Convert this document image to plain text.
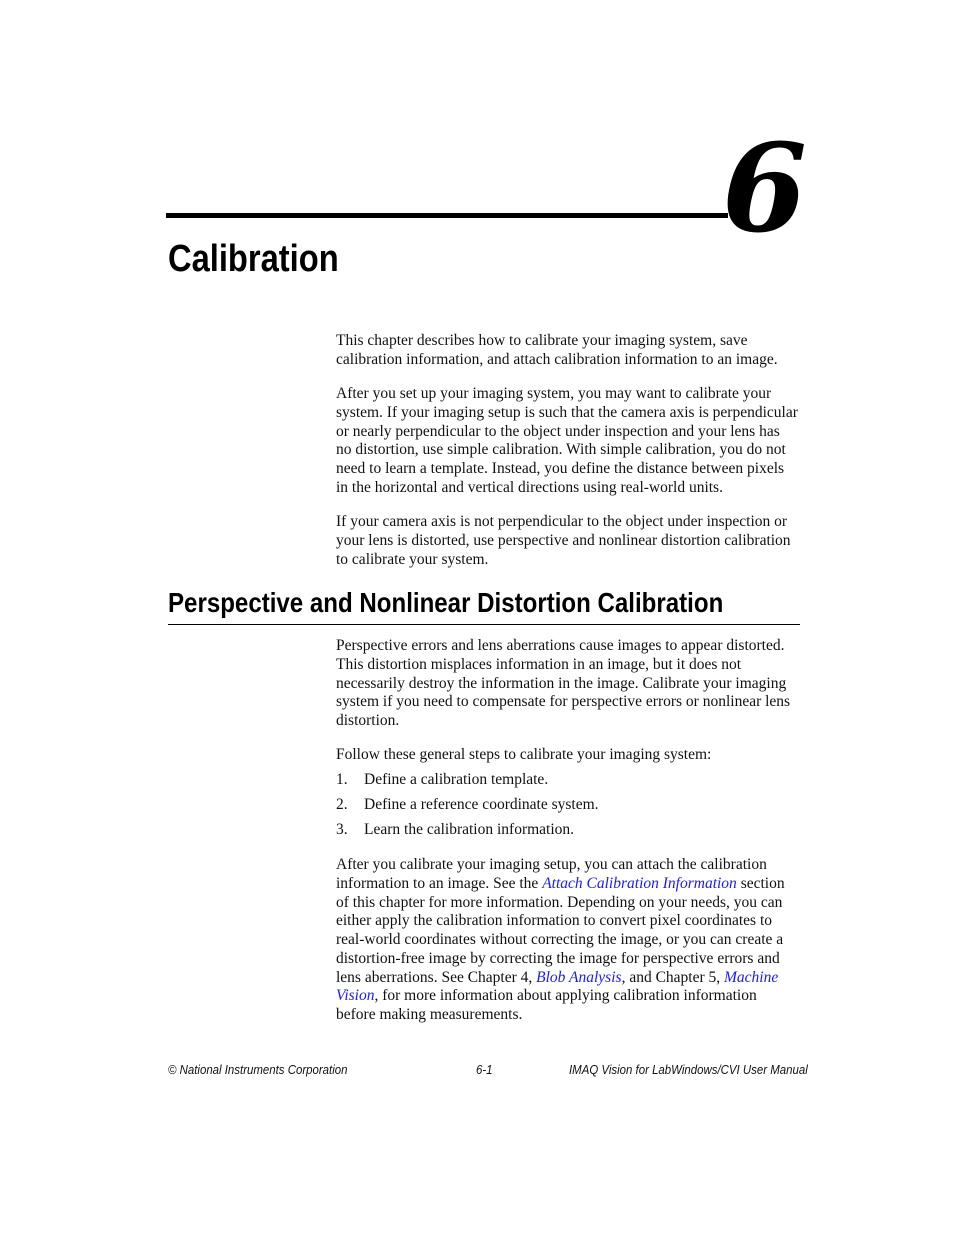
6
Calibration

This chapter describes how to calibrate your imaging system, save calibration information, and attach calibration information to an image.

After you set up your imaging system, you may want to calibrate your system. If your imaging setup is such that the camera axis is perpendicular or nearly perpendicular to the object under inspection and your lens has no distortion, use simple calibration. With simple calibration, you do not need to learn a template. Instead, you define the distance between pixels in the horizontal and vertical directions using real-world units.

If your camera axis is not perpendicular to the object under inspection or your lens is distorted, use perspective and nonlinear distortion calibration to calibrate your system.

Perspective and Nonlinear Distortion Calibration

Perspective errors and lens aberrations cause images to appear distorted. This distortion misplaces information in an image, but it does not necessarily destroy the information in the image. Calibrate your imaging system if you need to compensate for perspective errors or nonlinear lens distortion.

Follow these general steps to calibrate your imaging system:

1. Define a calibration template.
2. Define a reference coordinate system.
3. Learn the calibration information.

After you calibrate your imaging setup, you can attach the calibration information to an image. See the Attach Calibration Information section of this chapter for more information. Depending on your needs, you can either apply the calibration information to convert pixel coordinates to real-world coordinates without correcting the image, or you can create a distortion-free image by correcting the image for perspective errors and lens aberrations. See Chapter 4, Blob Analysis, and Chapter 5, Machine Vision, for more information about applying calibration information before making measurements.

© National Instruments Corporation	6-1	IMAQ Vision for LabWindows/CVI User Manual
